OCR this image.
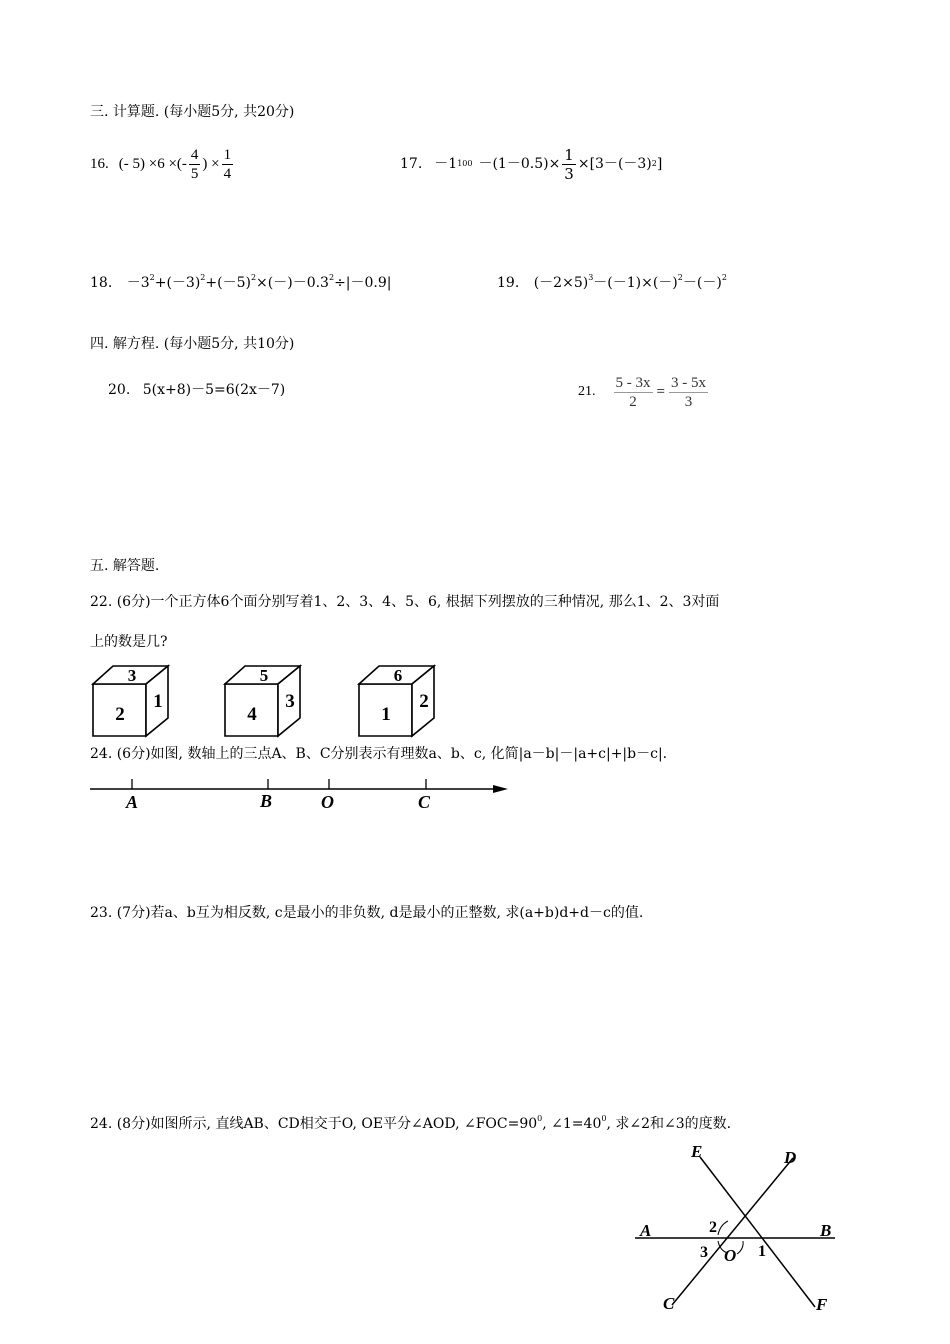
三. 计算题. (每小题5分, 共20分)
16. (- 5) ×6 ×(- $\frac{4}{5}$ ) × $\frac{1}{4}$	17. －1 $100 -(1-0.5)\times \frac{1}{3} \times[3-(-3)$ 2 ]
18. $-3^2+(-3)^2+(-5)^2\times(-)-0.3^2\div|-0.9|$	19. $(-2\times 5)^3-(-1)\times(-)^2-(-)^2$
四. 解方程. (每小题5分, 共10分)
20. 5(x+8)－5=6(2x－7)	21. $\frac{5 - 3x}{2} = \frac{3 - 5x}{3}$
五. 解答题.
22. (6分)一个正方体6个面分别写着1、2、3、4、5、6, 根据下列摆放的三种情况, 那么1、2、3对面
上的数是几?
3
2
1
5
4
3
6
1
2
24. (6分)如图, 数轴上的三点A、B、C分别表示有理数a、b、c, 化简|a－b|－|a+c|+|b－c|.
A	B	O	C
23. (7分)若a、b互为相反数, c是最小的非负数, d是最小的正整数, 求(a+b)d+d－c的值.
24. (8分)如图所示, 直线AB、CD相交于O, OE平分∠AOD, $\angle FOC=90^0$, $\angle 1=40^0$, 求∠2和∠3的度数.
E	D
A	B
C	F
O 1
2
3
